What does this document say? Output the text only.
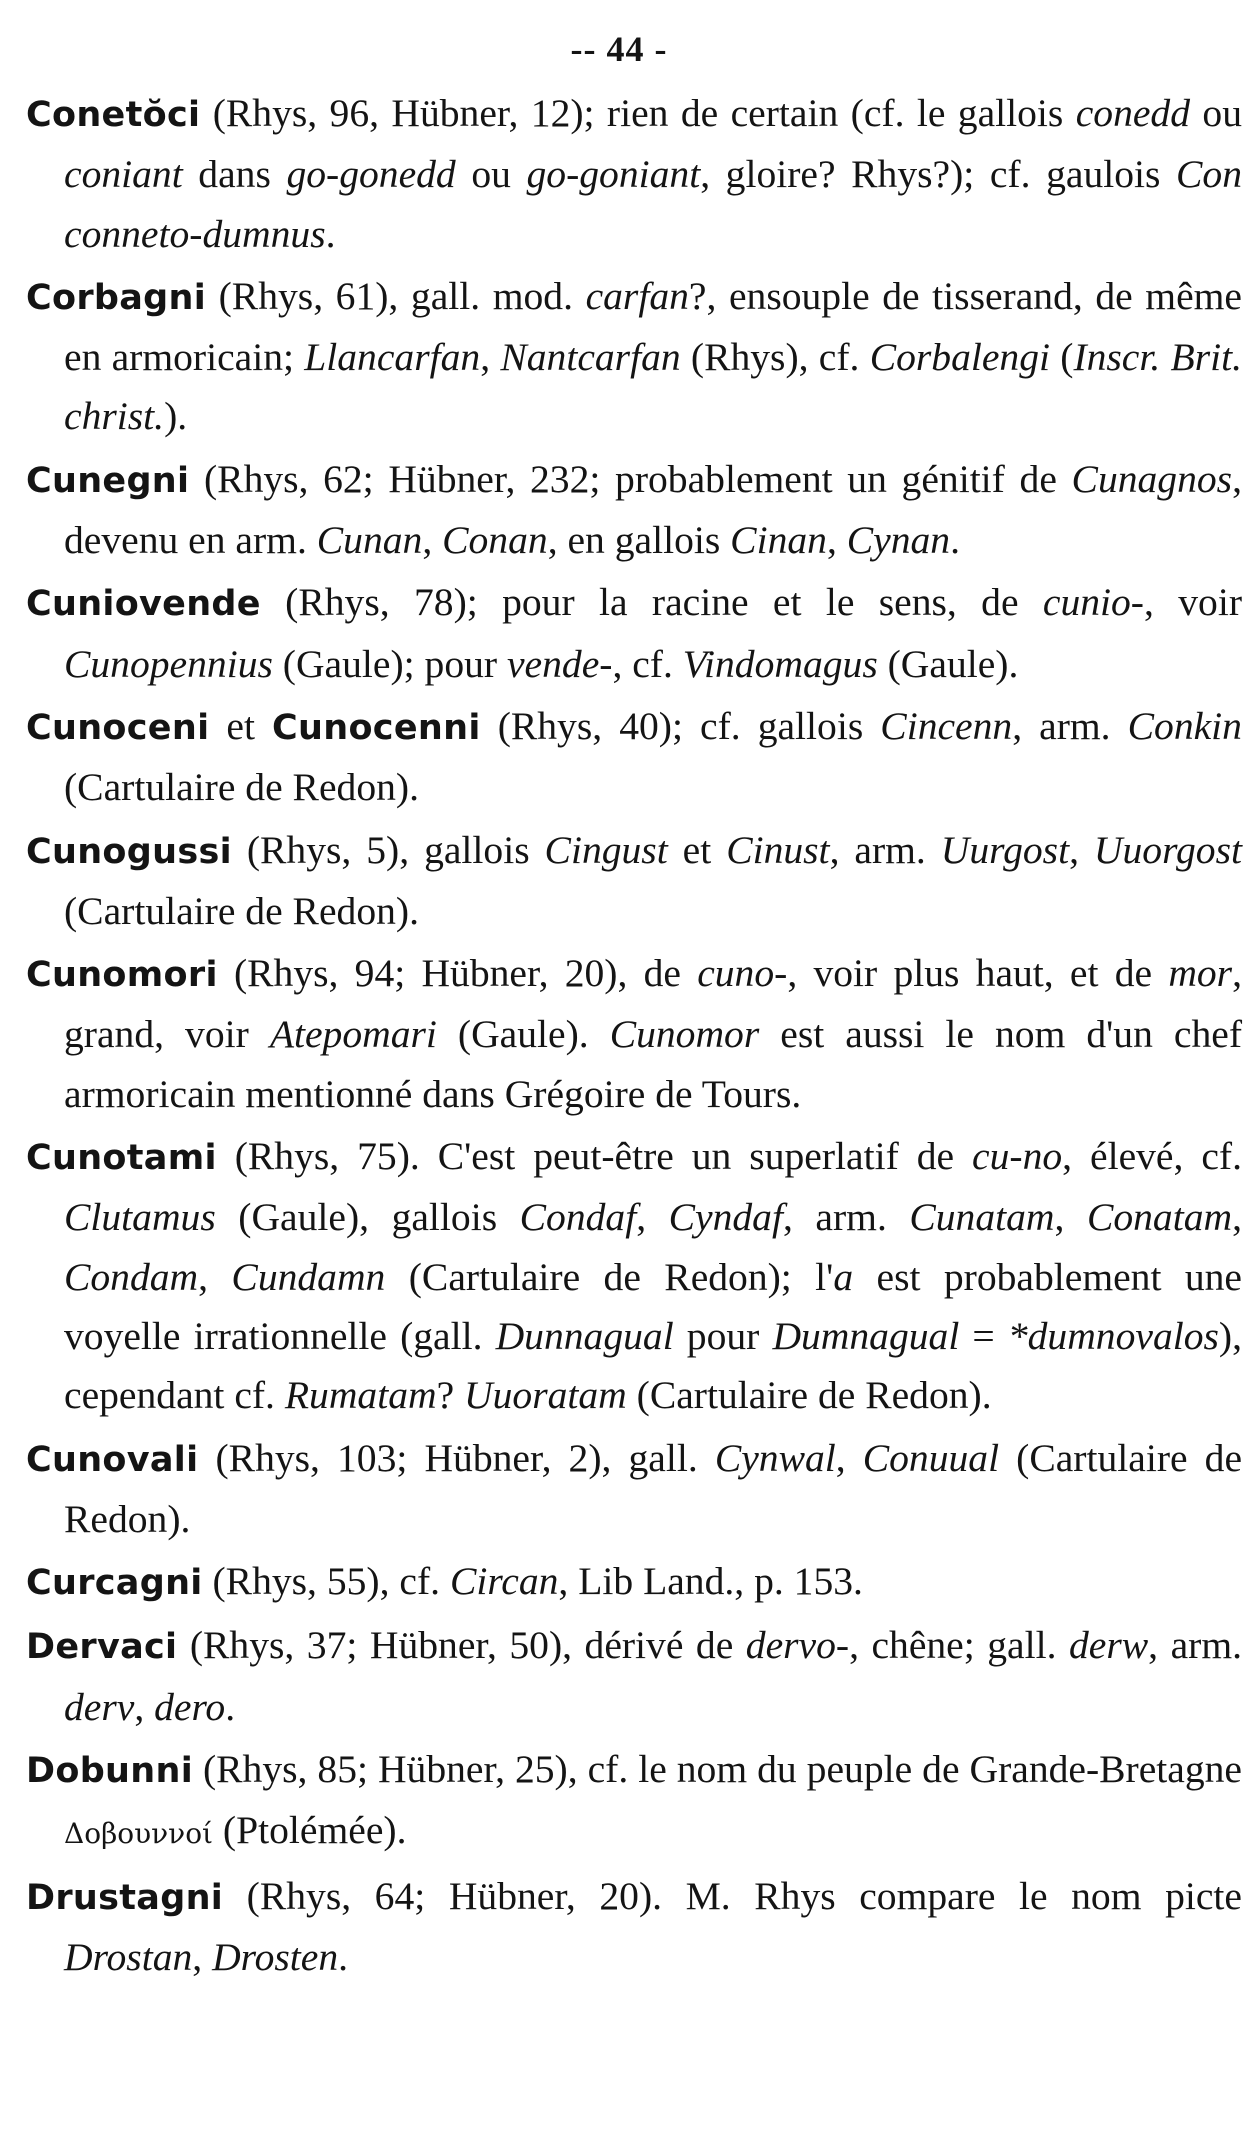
-- 44 -

Conetŏci (Rhys, 96, Hübner, 12); rien de certain (cf. le gallois conedd ou coniant dans go-gonedd ou go-goniant, gloire? Rhys?); cf. gaulois Con conneto-dumnus.

Corbagni (Rhys, 61), gall. mod. carfan?, ensouple de tisserand, de même en armoricain; Llancarfan, Nantcarfan (Rhys), cf. Corbalengi (Inscr. Brit. christ.).

Cunegni (Rhys, 62; Hübner, 232; probablement un génitif de Cunagnos, devenu en arm. Cunan, Conan, en gallois Cinan, Cynan.

Cuniovende (Rhys, 78); pour la racine et le sens, de cunio-, voir Cunopennius (Gaule); pour vende-, cf. Vindomagus (Gaule).

Cunoceni et Cunocenni (Rhys, 40); cf. gallois Cincenn, arm. Conkin (Cartulaire de Redon).

Cunogussi (Rhys, 5), gallois Cingust et Cinust, arm. Uurgost, Uuorgost (Cartulaire de Redon).

Cunomori (Rhys, 94; Hübner, 20), de cuno-, voir plus haut, et de mor, grand, voir Atepomari (Gaule). Cunomor est aussi le nom d'un chef armoricain mentionné dans Grégoire de Tours.

Cunotami (Rhys, 75). C'est peut-être un superlatif de cu-no, élevé, cf. Clutamus (Gaule), gallois Condaf, Cyndaf, arm. Cunatam, Conatam, Condam, Cundamn (Cartulaire de Redon); l'a est probablement une voyelle irrationnelle (gall. Dunnagual pour Dumnagual = *dumnovalos), cependant cf. Rumatam? Uuoratam (Cartulaire de Redon).

Cunovali (Rhys, 103; Hübner, 2), gall. Cynwal, Conuual (Cartulaire de Redon).

Curcagni (Rhys, 55), cf. Circan, Lib Land., p. 153.

Dervaci (Rhys, 37; Hübner, 50), dérivé de dervo-, chêne; gall. derw, arm. derv, dero.

Dobunni (Rhys, 85; Hübner, 25), cf. le nom du peuple de Grande-Bretagne Δοβουννοί (Ptolémée).

Drustagni (Rhys, 64; Hübner, 20). M. Rhys compare le nom picte Drostan, Drosten.
